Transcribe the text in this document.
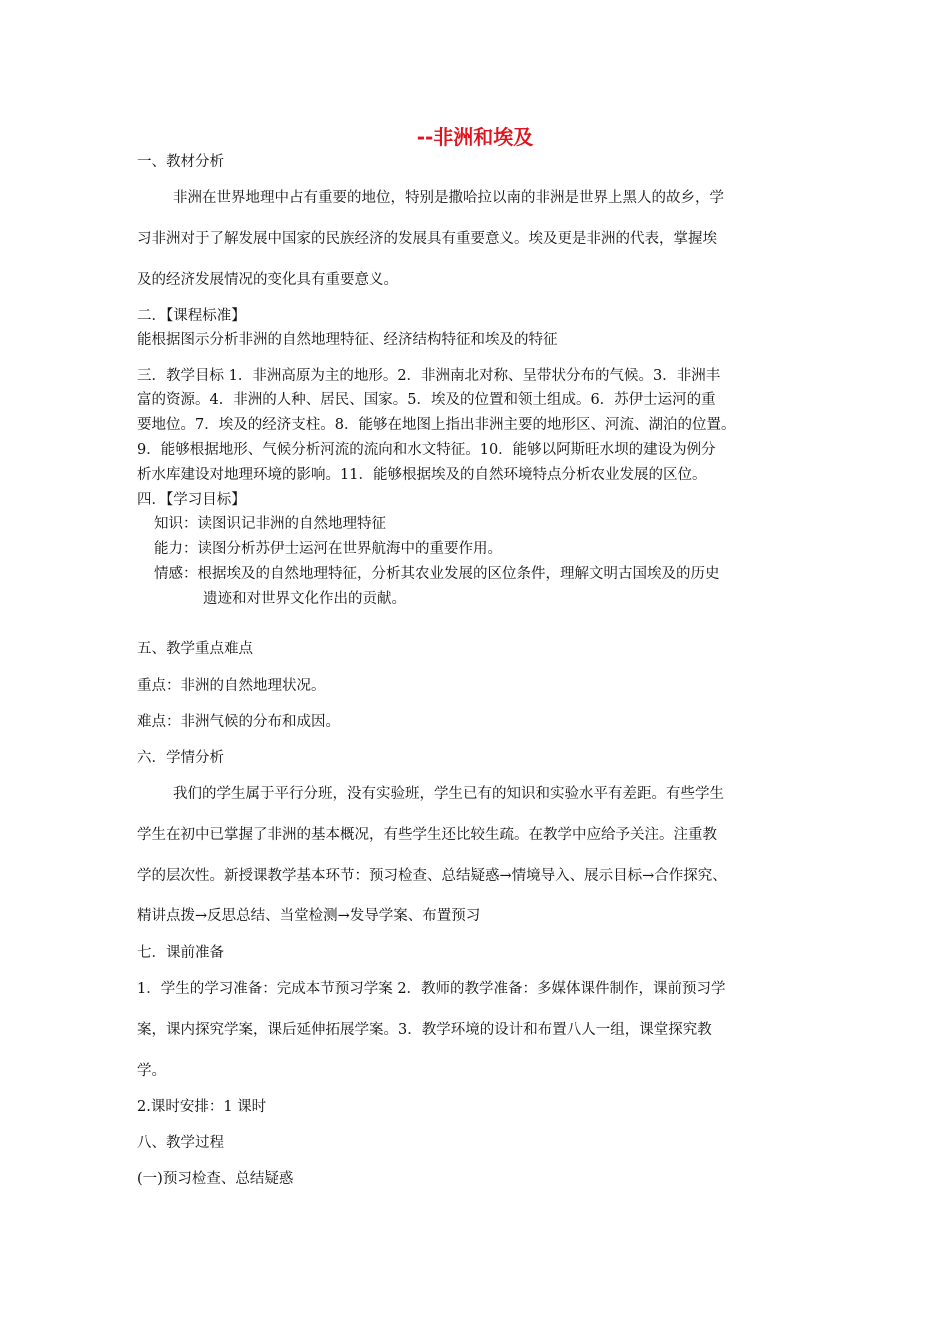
--非洲和埃及
一、教材分析
非洲在世界地理中占有重要的地位，特别是撒哈拉以南的非洲是世界上黑人的故乡，学
习非洲对于了解发展中国家的民族经济的发展具有重要意义。埃及更是非洲的代表，掌握埃
及的经济发展情况的变化具有重要意义。
二．【课程标准】
能根据图示分析非洲的自然地理特征、经济结构特征和埃及的特征
三．教学目标 1．非洲高原为主的地形。2．非洲南北对称、呈带状分布的气候。3．非洲丰
富的资源。4．非洲的人种、居民、国家。5．埃及的位置和领土组成。6．苏伊士运河的重
要地位。7．埃及的经济支柱。8．能够在地图上指出非洲主要的地形区、河流、湖泊的位置。
9．能够根据地形、气候分析河流的流向和水文特征。10．能够以阿斯旺水坝的建设为例分
析水库建设对地理环境的影响。11．能够根据埃及的自然环境特点分析农业发展的区位。
四．【学习目标】
知识：读图识记非洲的自然地理特征
能力：读图分析苏伊士运河在世界航海中的重要作用。
情感：根据埃及的自然地理特征，分析其农业发展的区位条件，理解文明古国埃及的历史
遗迹和对世界文化作出的贡献。
五、教学重点难点
重点：非洲的自然地理状况。
难点：非洲气候的分布和成因。
六．学情分析
我们的学生属于平行分班，没有实验班，学生已有的知识和实验水平有差距。有些学生
学生在初中已掌握了非洲的基本概况，有些学生还比较生疏。在教学中应给予关注。注重教
学的层次性。新授课教学基本环节：预习检查、总结疑惑→情境导入、展示目标→合作探究、
精讲点拨→反思总结、当堂检测→发导学案、布置预习
七．课前准备
1．学生的学习准备：完成本节预习学案 2．教师的教学准备：多媒体课件制作，课前预习学
案，课内探究学案，课后延伸拓展学案。3．教学环境的设计和布置八人一组，课堂探究教
学。
2.课时安排：1 课时
八、教学过程
(一)预习检查、总结疑惑
